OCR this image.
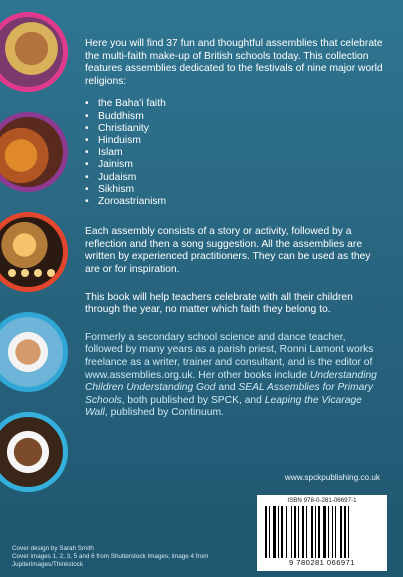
Here you will find 37 fun and thoughtful assemblies that celebrate the multi-faith make-up of British schools today. This collection features assemblies dedicated to the festivals of nine major world religions:

• the Baha'i faith
• Buddhism
• Christianity
• Hinduism
• Islam
• Jainism
• Judaism
• Sikhism
• Zoroastrianism

Each assembly consists of a story or activity, followed by a reflection and then a song suggestion. All the assemblies are written by experienced practitioners. They can be used as they are or for inspiration.

This book will help teachers celebrate with all their children through the year, no matter which faith they belong to.

Formerly a secondary school science and dance teacher, followed by many years as a parish priest, Ronni Lamont works freelance as a writer, trainer and consultant, and is the editor of www.assemblies.org.uk. Her other books include Understanding Children Understanding God and SEAL Assemblies for Primary Schools, both published by SPCK, and Leaping the Vicarage Wall, published by Continuum.

www.spckpublishing.co.uk
ISBN 978-0-281-06697-1
9 780281 066971
Cover design by Sarah Smith
Cover images 1, 2, 3, 5 and 6 from Shutterstock Images; image 4 from Jupiterimages/Thinkstock
